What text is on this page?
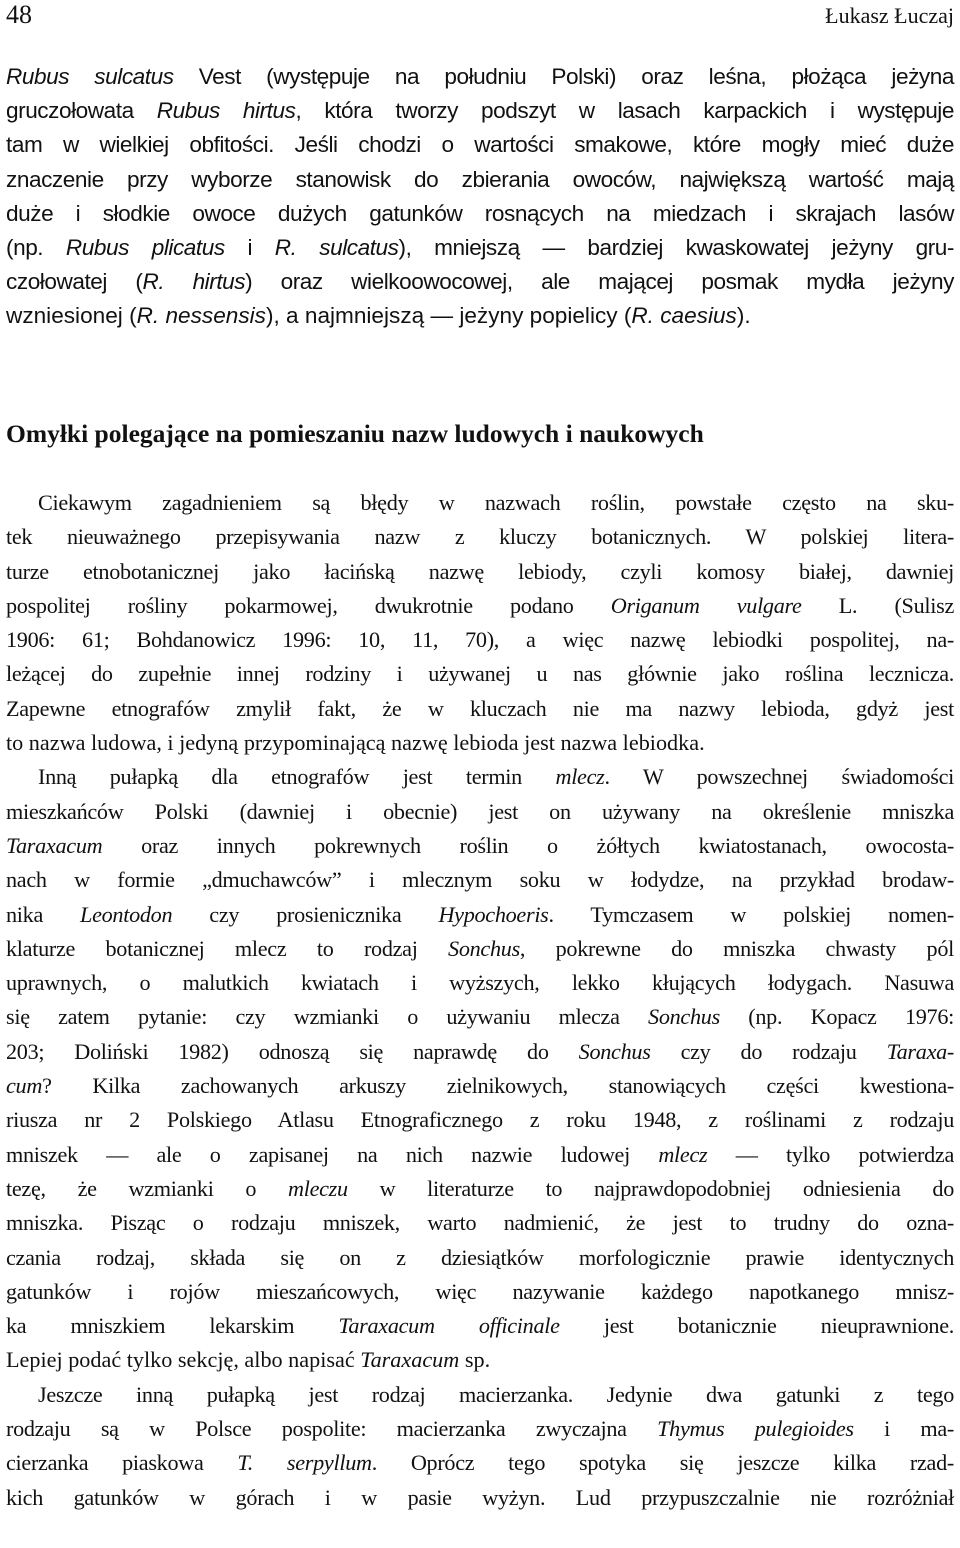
48	Łukasz Łuczaj
Rubus sulcatus Vest (występuje na południu Polski) oraz leśna, płożąca jeżyna
gruczołowata Rubus hirtus, która tworzy podszyt w lasach karpackich i występuje
tam w wielkiej obfitości. Jeśli chodzi o wartości smakowe, które mogły mieć duże
znaczenie przy wyborze stanowisk do zbierania owoców, największą wartość mają
duże i słodkie owoce dużych gatunków rosnących na miedzach i skrajach lasów
(np. Rubus plicatus i R. sulcatus), mniejszą — bardziej kwaskowatej jeżyny gru-
czołowatej (R. hirtus) oraz wielkoowocowej, ale mającej posmak mydła jeżyny
wzniesionej (R. nessensis), a najmniejszą — jeżyny popielicy (R. caesius).
Omyłki polegające na pomieszaniu nazw ludowych i naukowych
Ciekawym zagadnieniem są błędy w nazwach roślin, powstałe często na sku-
tek nieuważnego przepisywania nazw z kluczy botanicznych. W polskiej litera-
turze etnobotanicznej jako łacińską nazwę lebiody, czyli komosy białej, dawniej
pospolitej rośliny pokarmowej, dwukrotnie podano Origanum vulgare L. (Sulisz
1906: 61; Bohdanowicz 1996: 10, 11, 70), a więc nazwę lebiodki pospolitej, na-
leżącej do zupełnie innej rodziny i używanej u nas głównie jako roślina lecznicza.
Zapewne etnografów zmylił fakt, że w kluczach nie ma nazwy lebioda, gdyż jest
to nazwa ludowa, i jedyną przypominającą nazwę lebioda jest nazwa lebiodka.
Inną pułapką dla etnografów jest termin mlecz. W powszechnej świadomości
mieszkańców Polski (dawniej i obecnie) jest on używany na określenie mniszka
Taraxacum oraz innych pokrewnych roślin o żółtych kwiatostanach, owocosta-
nach w formie „dmuchawców” i mlecznym soku w łodydze, na przykład brodaw-
nika Leontodon czy prosienicznika Hypochoeris. Tymczasem w polskiej nomen-
klaturze botanicznej mlecz to rodzaj Sonchus, pokrewne do mniszka chwasty pól
uprawnych, o malutkich kwiatach i wyższych, lekko kłujących łodygach. Nasuwa
się zatem pytanie: czy wzmianki o używaniu mlecza Sonchus (np. Kopacz 1976:
203; Doliński 1982) odnoszą się naprawdę do Sonchus czy do rodzaju Taraxa-
cum? Kilka zachowanych arkuszy zielnikowych, stanowiących części kwestiona-
riusza nr 2 Polskiego Atlasu Etnograficznego z roku 1948, z roślinami z rodzaju
mniszek — ale o zapisanej na nich nazwie ludowej mlecz — tylko potwierdza
tezę, że wzmianki o mleczu w literaturze to najprawdopodobniej odniesienia do
mniszka. Pisząc o rodzaju mniszek, warto nadmienić, że jest to trudny do ozna-
czania rodzaj, składa się on z dziesiątków morfologicznie prawie identycznych
gatunków i rojów mieszańcowych, więc nazywanie każdego napotkanego mnisz-
ka mniszkiem lekarskim Taraxacum officinale jest botanicznie nieuprawnione.
Lepiej podać tylko sekcję, albo napisać Taraxacum sp.
Jeszcze inną pułapką jest rodzaj macierzanka. Jedynie dwa gatunki z tego
rodzaju są w Polsce pospolite: macierzanka zwyczajna Thymus pulegioides i ma-
cierzanka piaskowa T. serpyllum. Oprócz tego spotyka się jeszcze kilka rzad-
kich gatunków w górach i w pasie wyżyn. Lud przypuszczalnie nie rozróżniał
